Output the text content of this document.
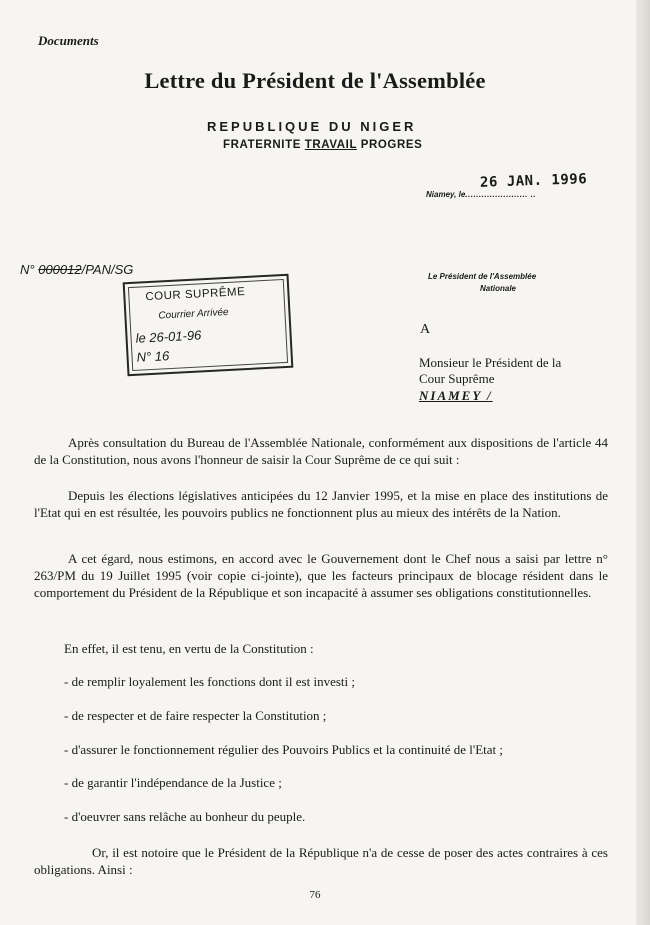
Documents
Lettre du Président de l'Assemblée
REPUBLIQUE DU NIGER
FRATERNITE TRAVAIL PROGRES
26 JAN. 1996
Niamey, le....................... ..
N° 000012/PAN/SG
COUR SUPRÊME
Courrier Arrivée
le 26-01-96
N° 16
Le Président de l'Assemblée
Nationale
A
Monsieur le Président de la
Cour Suprême
NIAMEY /
Après consultation du Bureau de l'Assemblée Nationale, conformément aux dispositions de l'article 44 de la Constitution, nous avons l'honneur de saisir la Cour Suprême de ce qui suit :
Depuis les élections législatives anticipées du 12 Janvier 1995, et la mise en place des institutions de l'Etat qui en est résultée, les pouvoirs publics ne fonctionnent plus au mieux des intérêts de la Nation.
A cet égard, nous estimons, en accord avec le Gouvernement dont le Chef nous a saisi par lettre n° 263/PM du 19 Juillet 1995 (voir copie ci-jointe), que les facteurs principaux de blocage résident dans le comportement du Président de la République et son incapacité à assumer ses obligations constitutionnelles.
En effet, il est tenu, en vertu de la Constitution :
- de remplir loyalement les fonctions dont il est investi ;
- de respecter et de faire respecter la Constitution ;
- d'assurer le fonctionnement régulier des Pouvoirs Publics et la continuité de l'Etat ;
- de garantir l'indépendance de la Justice ;
- d'oeuvrer sans relâche au bonheur du peuple.
Or, il est notoire que le Président de la République n'a de cesse de poser des actes contraires à ces obligations. Ainsi :
76
